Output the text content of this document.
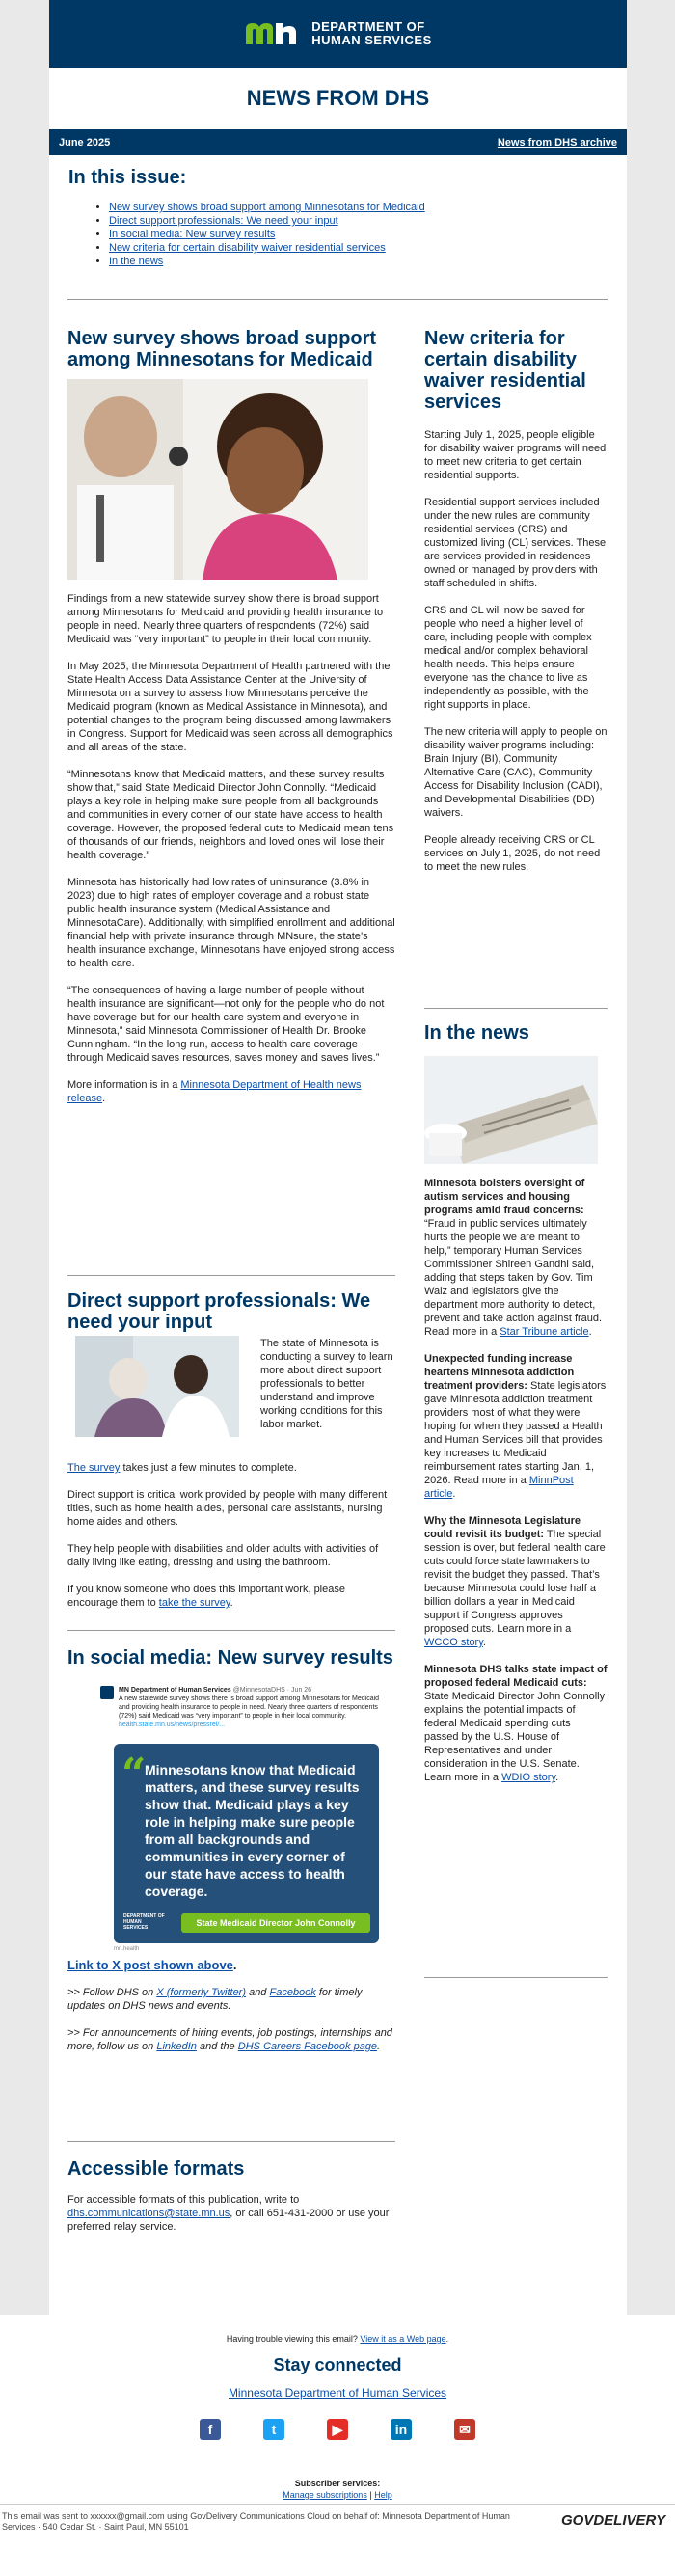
DEPARTMENT OF
HUMAN SERVICES
NEWS FROM DHS
June 2025	News from DHS archive
In this issue:
• New survey shows broad support among Minnesotans for Medicaid
• Direct support professionals: We need your input
• In social media: New survey results
• New criteria for certain disability waiver residential services
• In the news
New survey shows broad support among Minnesotans for Medicaid

Findings from a new statewide survey show there is broad support among Minnesotans for Medicaid and providing health insurance to people in need. Nearly three quarters of respondents (72%) said Medicaid was “very important” to people in their local community.

In May 2025, the Minnesota Department of Health partnered with the State Health Access Data Assistance Center at the University of Minnesota on a survey to assess how Minnesotans perceive the Medicaid program (known as Medical Assistance in Minnesota), and potential changes to the program being discussed among lawmakers in Congress. Support for Medicaid was seen across all demographics and all areas of the state.

“Minnesotans know that Medicaid matters, and these survey results show that,” said State Medicaid Director John Connolly. “Medicaid plays a key role in helping make sure people from all backgrounds and communities in every corner of our state have access to health coverage. However, the proposed federal cuts to Medicaid mean tens of thousands of our friends, neighbors and loved ones will lose their health coverage.”

Minnesota has historically had low rates of uninsurance (3.8% in 2023) due to high rates of employer coverage and a robust state public health insurance system (Medical Assistance and MinnesotaCare). Additionally, with simplified enrollment and additional financial help with private insurance through MNsure, the state’s health insurance exchange, Minnesotans have enjoyed strong access to health care.

“The consequences of having a large number of people without health insurance are significant—not only for the people who do not have coverage but for our health care system and everyone in Minnesota,” said Minnesota Commissioner of Health Dr. Brooke Cunningham. “In the long run, access to health care coverage through Medicaid saves resources, saves money and saves lives.”

More information is in a Minnesota Department of Health news release.

Direct support professionals: We need your input

The state of Minnesota is conducting a survey to learn more about direct support professionals to better understand and improve working conditions for this labor market.

The survey takes just a few minutes to complete.

Direct support is critical work provided by people with many different titles, such as home health aides, personal care assistants, nursing home aides and others.

They help people with disabilities and older adults with activities of daily living like eating, dressing and using the bathroom.

If you know someone who does this important work, please encourage them to take the survey.

In social media: New survey results
MN Department of Human Services @MinnesotaDHS · Jun 26
A new statewide survey shows there is broad support among Minnesotans for Medicaid and providing health insurance to people in need. Nearly three quarters of respondents (72%) said Medicaid was “very important” to people in their local community.
health.state.mn.us/news/pressrel/...
“
Minnesotans know that Medicaid matters, and these survey results show that. Medicaid plays a key role in helping make sure people from all backgrounds and communities in every corner of our state have access to health coverage.
DEPARTMENT OF HUMAN SERVICES	State Medicaid Director John Connolly
mn.health

Link to X post shown above.

>> Follow DHS on X (formerly Twitter) and Facebook for timely updates on DHS news and events.

>> For announcements of hiring events, job postings, internships and more, follow us on LinkedIn and the DHS Careers Facebook page.

Accessible formats

For accessible formats of this publication, write to dhs.communications@state.mn.us, or call 651-431-2000 or use your preferred relay service.

New criteria for certain disability waiver residential services

Starting July 1, 2025, people eligible for disability waiver programs will need to meet new criteria to get certain residential supports.

Residential support services included under the new rules are community residential services (CRS) and customized living (CL) services. These are services provided in residences owned or managed by providers with staff scheduled in shifts.

CRS and CL will now be saved for people who need a higher level of care, including people with complex medical and/or complex behavioral health needs. This helps ensure everyone has the chance to live as independently as possible, with the right supports in place.

The new criteria will apply to people on disability waiver programs including: Brain Injury (BI), Community Alternative Care (CAC), Community Access for Disability Inclusion (CADI), and Developmental Disabilities (DD) waivers.

People already receiving CRS or CL services on July 1, 2025, do not need to meet the new rules.

In the news

Minnesota bolsters oversight of autism services and housing programs amid fraud concerns: “Fraud in public services ultimately hurts the people we are meant to help,” temporary Human Services Commissioner Shireen Gandhi said, adding that steps taken by Gov. Tim Walz and legislators give the department more authority to detect, prevent and take action against fraud. Read more in a Star Tribune article.

Unexpected funding increase heartens Minnesota addiction treatment providers: State legislators gave Minnesota addiction treatment providers most of what they were hoping for when they passed a Health and Human Services bill that provides key increases to Medicaid reimbursement rates starting Jan. 1, 2026. Read more in a MinnPost article.

Why the Minnesota Legislature could revisit its budget: The special session is over, but federal health care cuts could force state lawmakers to revisit the budget they passed. That’s because Minnesota could lose half a billion dollars a year in Medicaid support if Congress approves proposed cuts. Learn more in a WCCO story.

Minnesota DHS talks state impact of proposed federal Medicaid cuts: State Medicaid Director John Connolly explains the potential impacts of federal Medicaid spending cuts passed by the U.S. House of Representatives and under consideration in the U.S. Senate. Learn more in a WDIO story.

Having trouble viewing this email? View it as a Web page.
Stay connected
Minnesota Department of Human Services
f	t	▶	in	✉
Subscriber services:
Manage subscriptions | Help
This email was sent to xxxxxx@gmail.com using GovDelivery Communications Cloud on behalf of: Minnesota Department of Human Services · 540 Cedar St. · Saint Paul, MN 55101	GOVDELIVERY
